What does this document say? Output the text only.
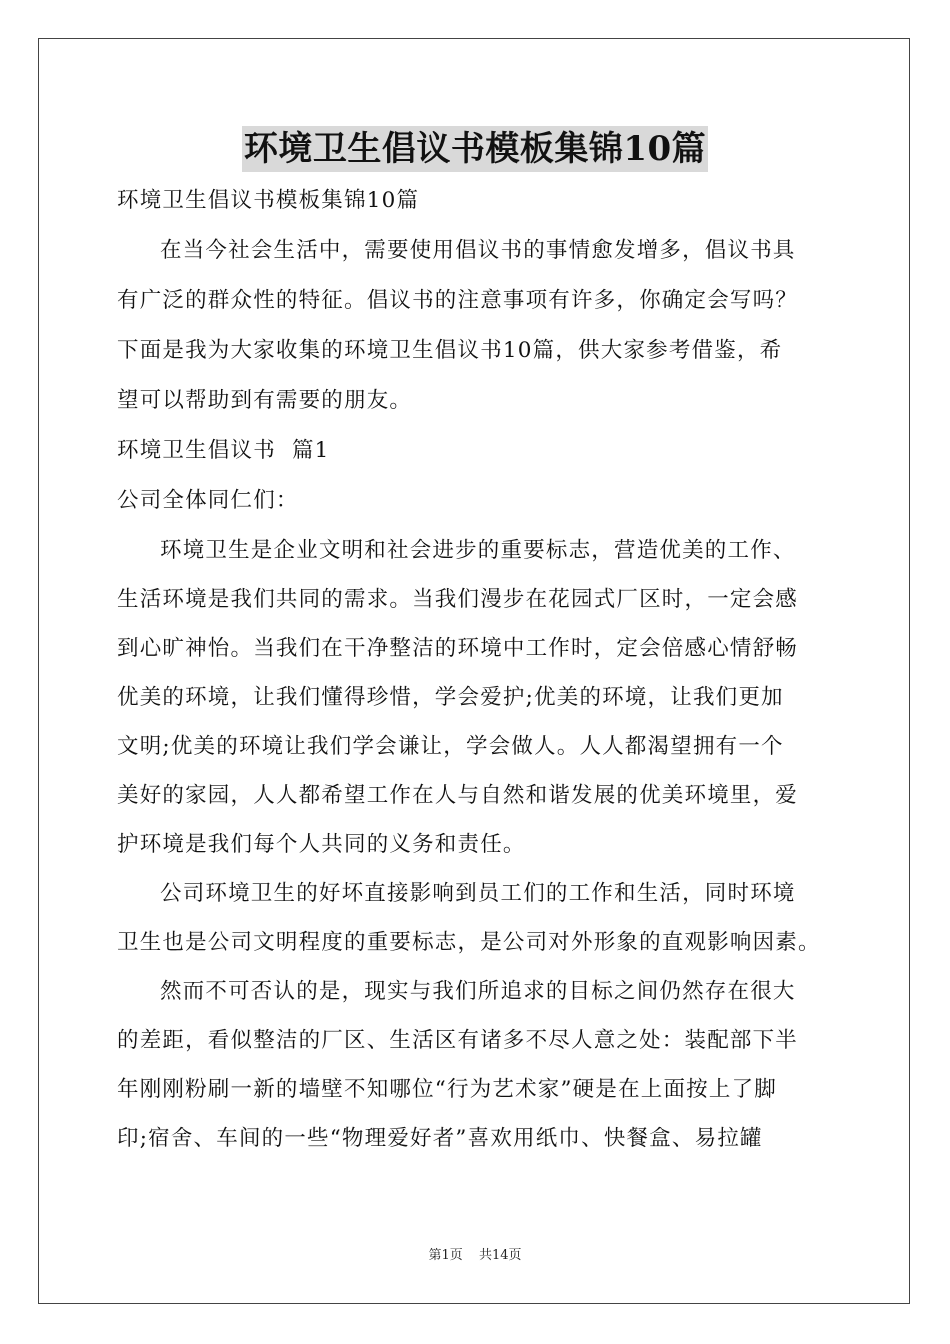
环境卫生倡议书模板集锦10篇

环境卫生倡议书模板集锦10篇

在当今社会生活中，需要使用倡议书的事情愈发增多，倡议书具

有广泛的群众性的特征。倡议书的注意事项有许多，你确定会写吗？

下面是我为大家收集的环境卫生倡议书10篇，供大家参考借鉴，希

望可以帮助到有需要的朋友。

环境卫生倡议书  篇1

公司全体同仁们：

环境卫生是企业文明和社会进步的重要标志，营造优美的工作、

生活环境是我们共同的需求。当我们漫步在花园式厂区时，一定会感

到心旷神怡。当我们在干净整洁的环境中工作时，定会倍感心情舒畅

优美的环境，让我们懂得珍惜，学会爱护;优美的环境，让我们更加

文明;优美的环境让我们学会谦让，学会做人。人人都渴望拥有一个

美好的家园，人人都希望工作在人与自然和谐发展的优美环境里，爱

护环境是我们每个人共同的义务和责任。

公司环境卫生的好坏直接影响到员工们的工作和生活，同时环境

卫生也是公司文明程度的重要标志，是公司对外形象的直观影响因素。

然而不可否认的是，现实与我们所追求的目标之间仍然存在很大

的差距，看似整洁的厂区、生活区有诸多不尽人意之处：装配部下半

年刚刚粉刷一新的墙壁不知哪位“行为艺术家”硬是在上面按上了脚

印;宿舍、车间的一些“物理爱好者”喜欢用纸巾、快餐盒、易拉罐

第1页 共14页
